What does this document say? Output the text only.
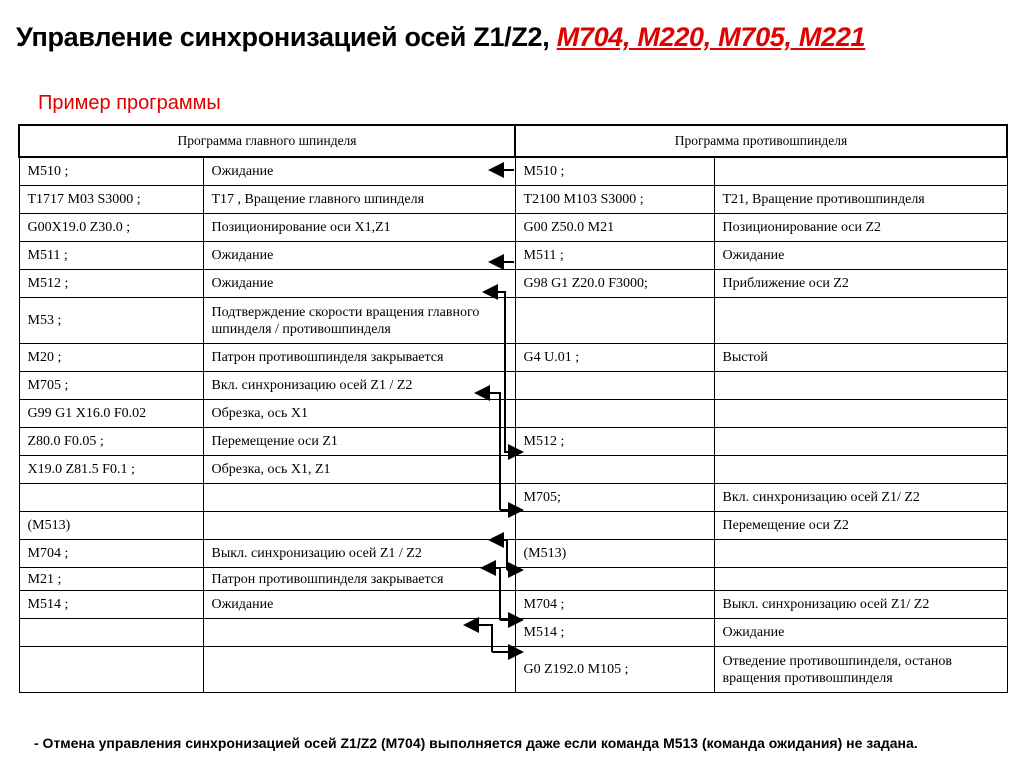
Управление синхронизацией осей Z1/Z2, M704, M220, M705, M221
Пример программы
Программа главного шпинделя		Программа противошпинделя	
M510 ;	Ожидание	M510 ;	
T1717 M03 S3000 ;	T17 , Вращение главного шпинделя	T2100 M103 S3000 ;	T21, Вращение противошпинделя
G00X19.0 Z30.0 ;	Позиционирование оси X1,Z1	G00 Z50.0 M21	Позиционирование оси Z2
M511 ;	Ожидание	M511 ;	Ожидание
M512 ;	Ожидание	G98 G1 Z20.0 F3000;	Приближение оси Z2
M53 ;	Подтверждение скорости вращения главного шпинделя / противошпинделя		
M20 ;	Патрон противошпинделя закрывается	G4 U.01 ;	Выстой
M705 ;	Вкл. синхронизацию осей Z1 / Z2		
G99 G1 X16.0 F0.02	Обрезка, ось X1		
Z80.0 F0.05 ;	Перемещение оси Z1	M512 ;	
X19.0 Z81.5 F0.1 ;	Обрезка, ось X1, Z1		
		M705;	Вкл. синхронизацию осей Z1/ Z2
(M513)			Перемещение оси Z2
M704 ;	Выкл. синхронизацию осей Z1 / Z2	(M513)	
M21 ;	Патрон противошпинделя закрывается		
M514 ;	Ожидание	M704 ;	Выкл. синхронизацию осей Z1/ Z2
		M514 ;	Ожидание
		G0 Z192.0 M105 ;	Отведение противошпинделя, останов вращения противошпинделя
- Отмена управления синхронизацией осей Z1/Z2 (M704) выполняется даже если команда M513 (команда ожидания) не задана.
